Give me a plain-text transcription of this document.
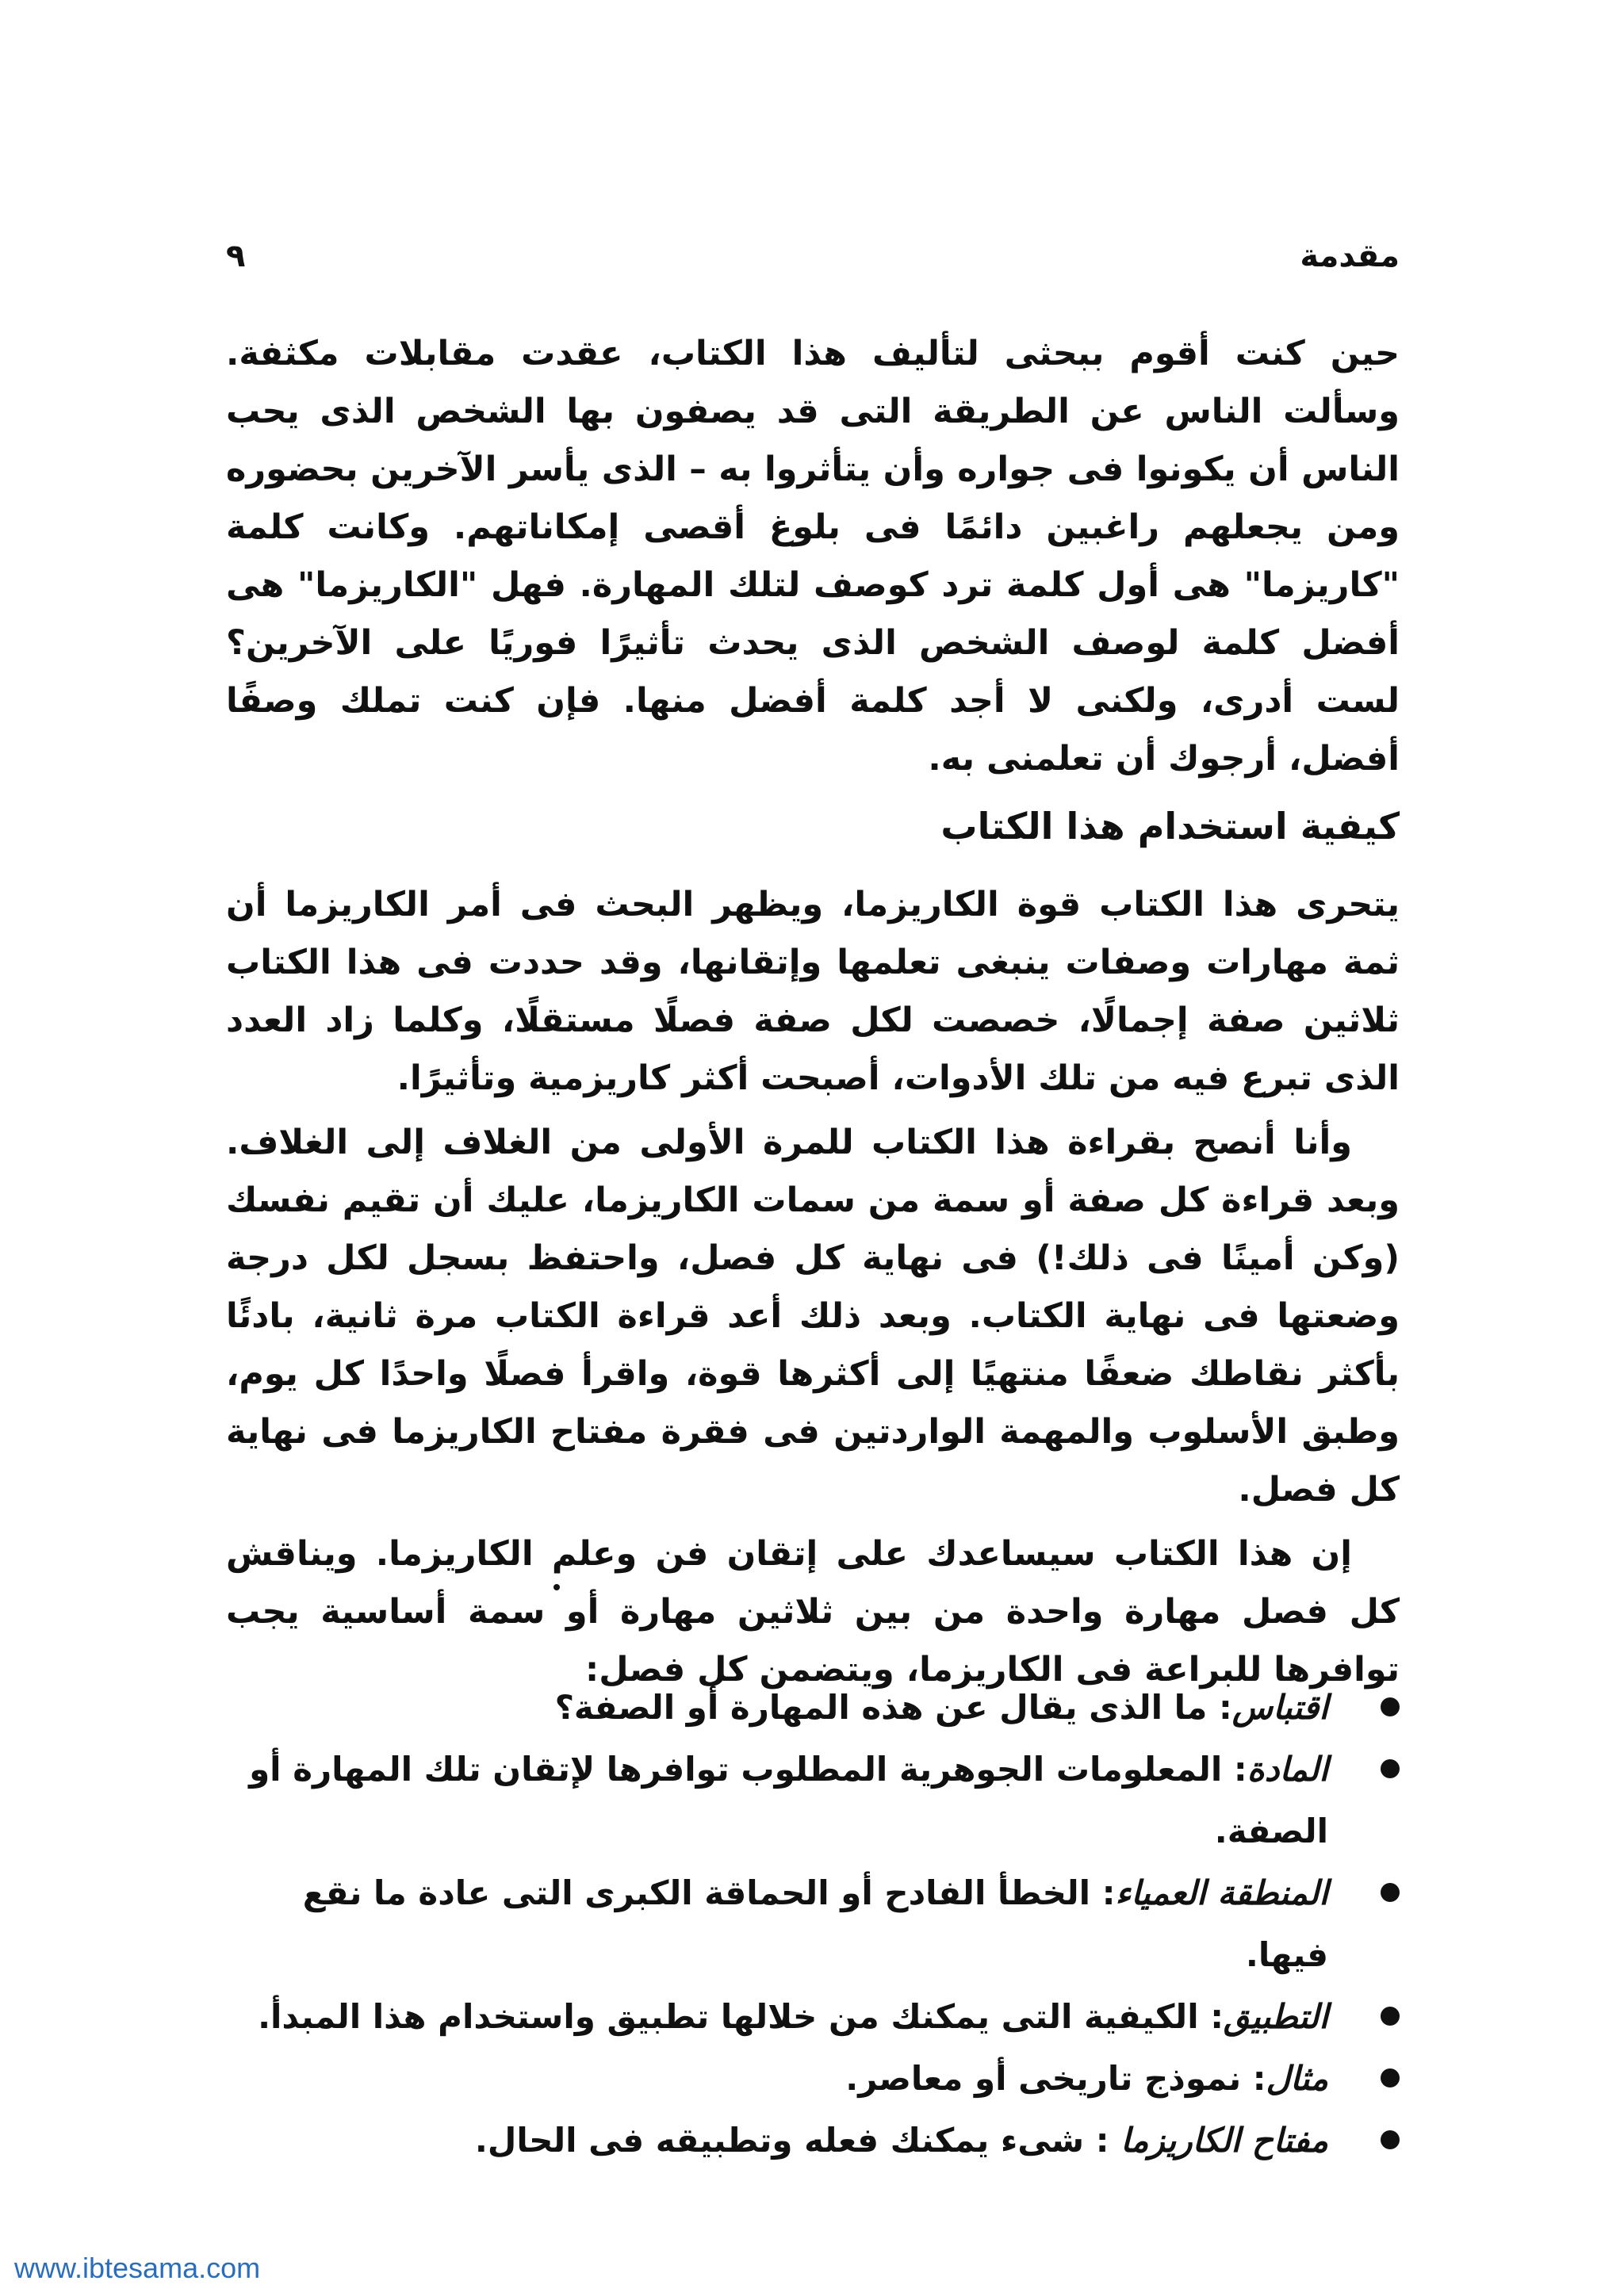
مقدمة
٩

حين كنت أقوم ببحثى لتأليف هذا الكتاب، عقدت مقابلات مكثفة. وسألت الناس عن الطريقة التى قد يصفون بها الشخص الذى يحب الناس أن يكونوا فى جواره وأن يتأثروا به – الذى يأسر الآخرين بحضوره ومن يجعلهم راغبين دائمًا فى بلوغ أقصى إمكاناتهم. وكانت كلمة "كاريزما" هى أول كلمة ترد كوصف لتلك المهارة. فهل "الكاريزما" هى أفضل كلمة لوصف الشخص الذى يحدث تأثيرًا فوريًا على الآخرين؟ لست أدرى، ولكنى لا أجد كلمة أفضل منها. فإن كنت تملك وصفًا أفضل، أرجوك أن تعلمنى به.

كيفية استخدام هذا الكتاب

يتحرى هذا الكتاب قوة الكاريزما، ويظهر البحث فى أمر الكاريزما أن ثمة مهارات وصفات ينبغى تعلمها وإتقانها، وقد حددت فى هذا الكتاب ثلاثين صفة إجمالًا، خصصت لكل صفة فصلًا مستقلًا، وكلما زاد العدد الذى تبرع فيه من تلك الأدوات، أصبحت أكثر كاريزمية وتأثيرًا.

وأنا أنصح بقراءة هذا الكتاب للمرة الأولى من الغلاف إلى الغلاف. وبعد قراءة كل صفة أو سمة من سمات الكاريزما، عليك أن تقيم نفسك (وكن أمينًا فى ذلك!) فى نهاية كل فصل، واحتفظ بسجل لكل درجة وضعتها فى نهاية الكتاب. وبعد ذلك أعد قراءة الكتاب مرة ثانية، بادئًا بأكثر نقاطك ضعفًا منتهيًا إلى أكثرها قوة، واقرأ فصلًا واحدًا كل يوم، وطبق الأسلوب والمهمة الواردتين فى فقرة مفتاح الكاريزما فى نهاية كل فصل.

إن هذا الكتاب سيساعدك على إتقان فن وعلم الكاريزما. ويناقش كل فصل مهارة واحدة من بين ثلاثين مهارة أو سمة أساسية يجب توافرها للبراعة فى الكاريزما، ويتضمن كل فصل:

اقتباس: ما الذى يقال عن هذه المهارة أو الصفة؟
المادة: المعلومات الجوهرية المطلوب توافرها لإتقان تلك المهارة أو الصفة.
المنطقة العمياء: الخطأ الفادح أو الحماقة الكبرى التى عادة ما نقع فيها.
التطبيق: الكيفية التى يمكنك من خلالها تطبيق واستخدام هذا المبدأ.
مثال: نموذج تاريخى أو معاصر.
مفتاح الكاريزما : شىء يمكنك فعله وتطبيقه فى الحال.
www.ibtesama.com
